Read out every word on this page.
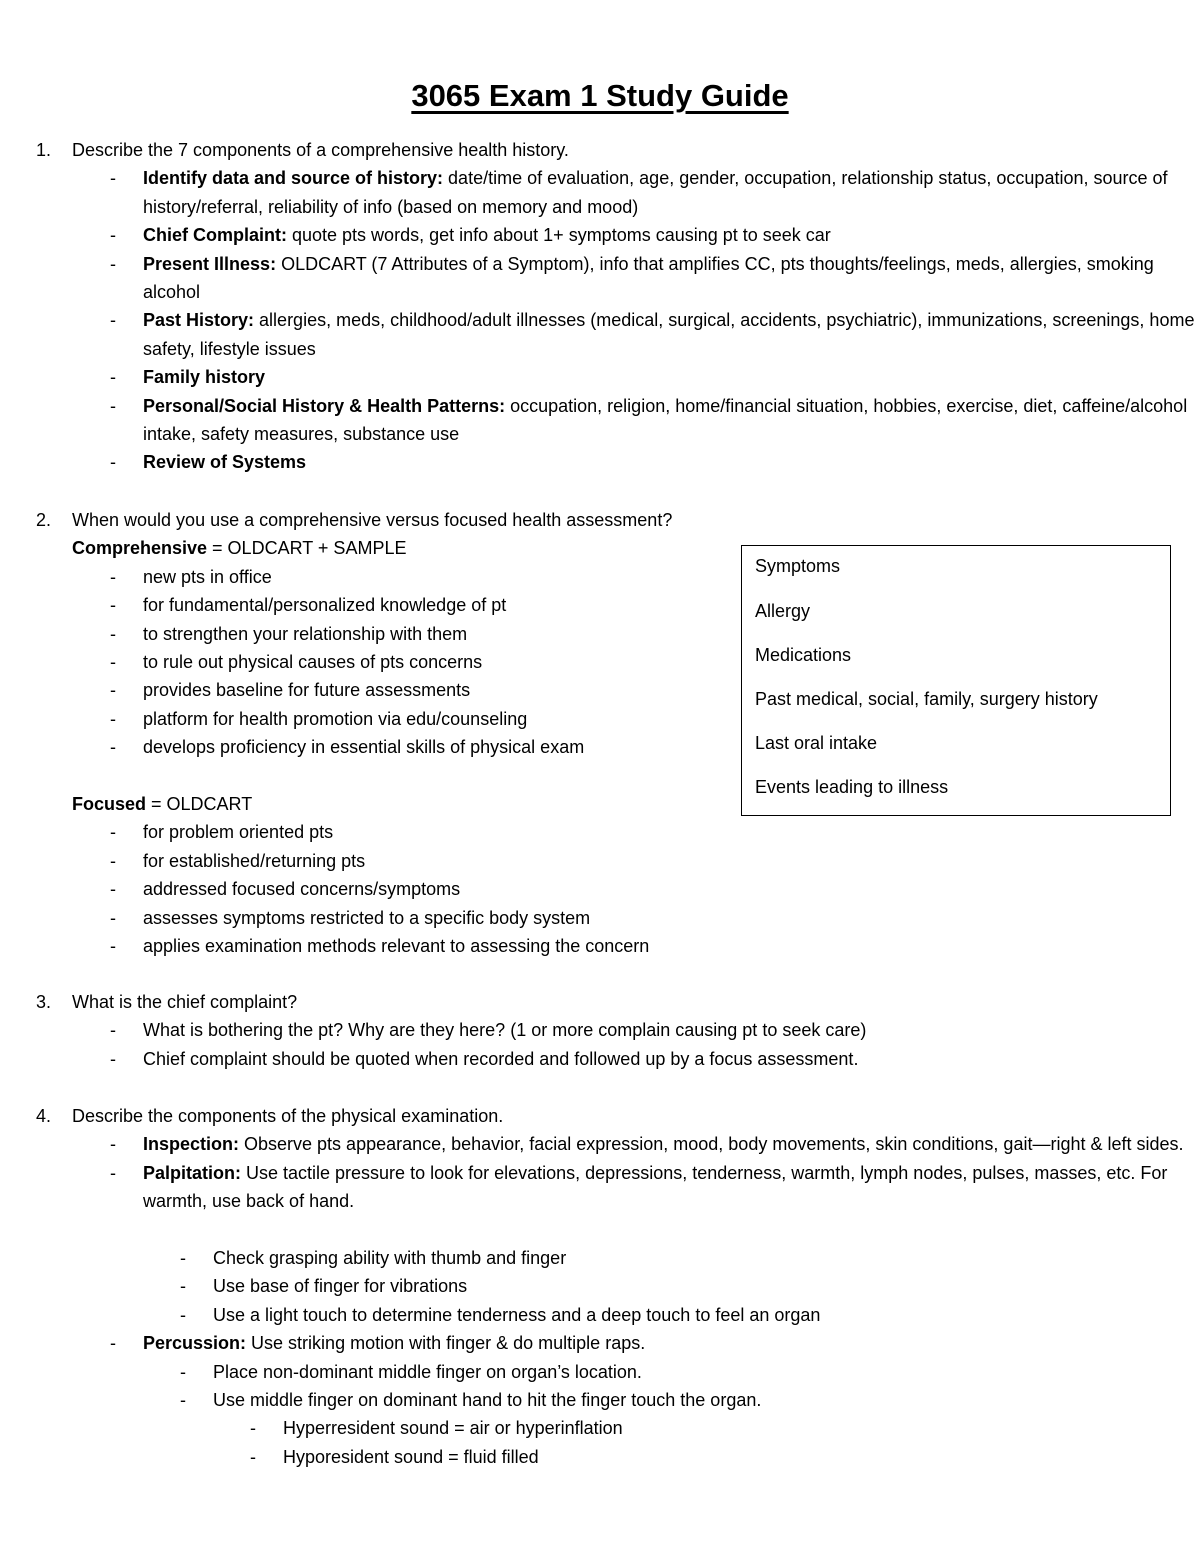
3065 Exam 1 Study Guide
1. Describe the 7 components of a comprehensive health history.
- Identify data and source of history: date/time of evaluation, age, gender, occupation, relationship status, occupation, source of history/referral, reliability of info (based on memory and mood)
- Chief Complaint: quote pts words, get info about 1+ symptoms causing pt to seek car
- Present Illness: OLDCART (7 Attributes of a Symptom), info that amplifies CC, pts thoughts/feelings, meds, allergies, smoking alcohol
- Past History: allergies, meds, childhood/adult illnesses (medical, surgical, accidents, psychiatric), immunizations, screenings, home safety, lifestyle issues
- Family history
- Personal/Social History & Health Patterns: occupation, religion, home/financial situation, hobbies, exercise, diet, caffeine/alcohol intake, safety measures, substance use
- Review of Systems
2. When would you use a comprehensive versus focused health assessment?
Comprehensive = OLDCART + SAMPLE
- new pts in office
- for fundamental/personalized knowledge of pt
- to strengthen your relationship with them
- to rule out physical causes of pts concerns
- provides baseline for future assessments
- platform for health promotion via edu/counseling
- develops proficiency in essential skills of physical exam
Focused = OLDCART
- for problem oriented pts
- for established/returning pts
- addressed focused concerns/symptoms
- assesses symptoms restricted to a specific body system
- applies examination methods relevant to assessing the concern
Symptoms
Allergy
Medications
Past medical, social, family, surgery history
Last oral intake
Events leading to illness
3. What is the chief complaint?
- What is bothering the pt? Why are they here? (1 or more complain causing pt to seek care)
- Chief complaint should be quoted when recorded and followed up by a focus assessment.
4. Describe the components of the physical examination.
- Inspection: Observe pts appearance, behavior, facial expression, mood, body movements, skin conditions, gait—right & left sides.
- Palpitation: Use tactile pressure to look for elevations, depressions, tenderness, warmth, lymph nodes, pulses, masses, etc. For warmth, use back of hand.
- Check grasping ability with thumb and finger
- Use base of finger for vibrations
- Use a light touch to determine tenderness and a deep touch to feel an organ
- Percussion: Use striking motion with finger & do multiple raps.
- Place non-dominant middle finger on organ’s location.
- Use middle finger on dominant hand to hit the finger touch the organ.
- Hyperresident sound = air or hyperinflation
- Hyporesident sound = fluid filled
